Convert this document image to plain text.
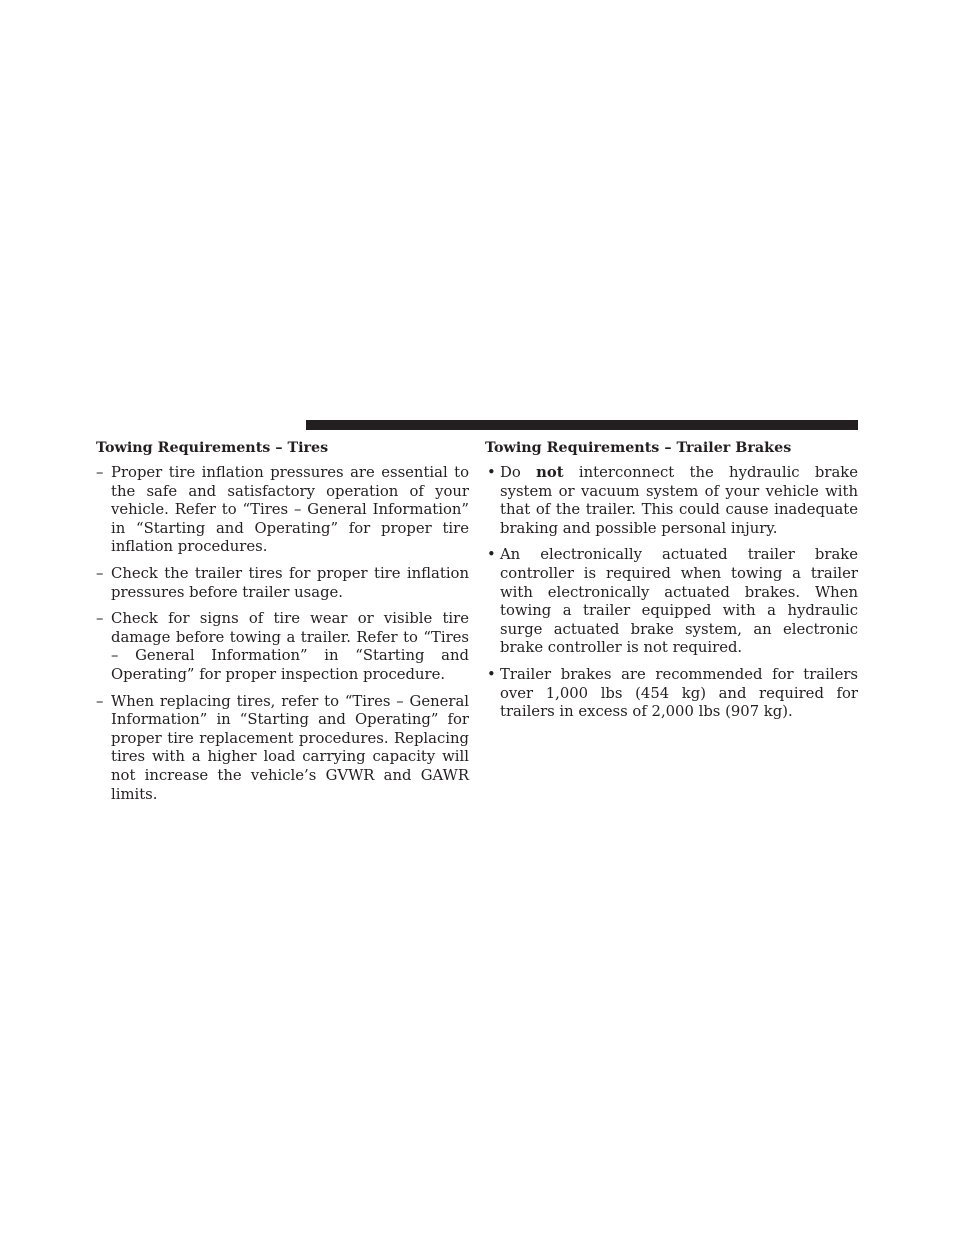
Towing Requirements – Tires
– Proper tire inflation pressures are essential to the safe and satisfactory operation of your vehicle. Refer to “Tires – General Information” in “Starting and Operating” for proper tire inflation procedures.
– Check the trailer tires for proper tire inflation pressures before trailer usage.
– Check for signs of tire wear or visible tire damage before towing a trailer. Refer to “Tires – General Information” in “Starting and Operating” for proper inspection procedure.
– When replacing tires, refer to “Tires – General Information” in “Starting and Operating” for proper tire replacement procedures. Replacing tires with a higher load carrying capacity will not increase the vehicle’s GVWR and GAWR limits.
Towing Requirements – Trailer Brakes
• Do not interconnect the hydraulic brake system or vacuum system of your vehicle with that of the trailer. This could cause inadequate braking and possible personal injury.
• An electronically actuated trailer brake controller is required when towing a trailer with electronically actuated brakes. When towing a trailer equipped with a hydraulic surge actuated brake system, an electronic brake controller is not required.
• Trailer brakes are recommended for trailers over 1,000 lbs (454 kg) and required for trailers in excess of 2,000 lbs (907 kg).
